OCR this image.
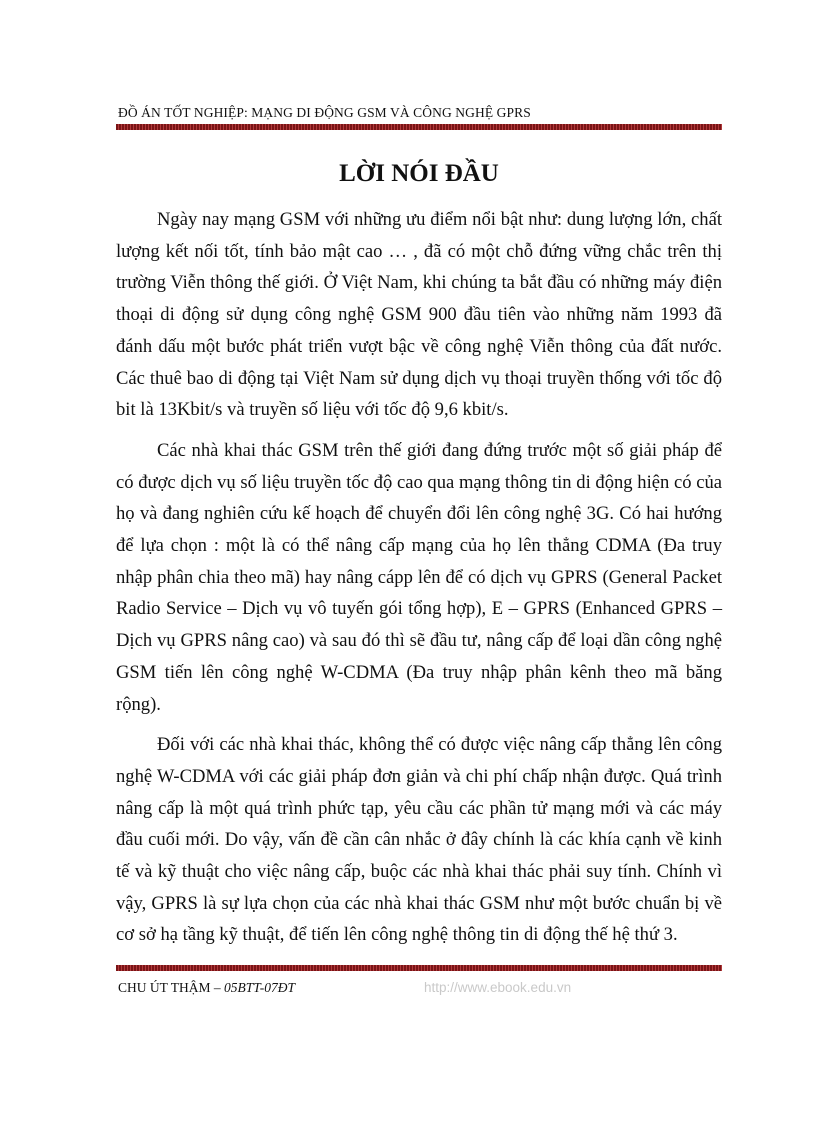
ĐỒ ÁN TỐT NGHIỆP: MẠNG DI ĐỘNG GSM VÀ CÔNG NGHỆ GPRS
LỜI NÓI ĐẦU

Ngày nay mạng GSM với những ưu điểm nổi bật như: dung lượng lớn, chất lượng kết nối tốt, tính bảo mật cao … , đã có một chỗ đứng vững chắc trên thị trường Viễn thông thế giới. Ở Việt Nam, khi chúng ta bắt đầu có những máy điện thoại di động sử dụng công nghệ GSM 900 đầu tiên vào những năm 1993 đã đánh dấu một bước phát triển vượt bậc về công nghệ Viễn thông của đất nước. Các thuê bao di động tại Việt Nam sử dụng dịch vụ thoại truyền thống với tốc độ bit là 13Kbit/s và truyền số liệu với tốc độ 9,6 kbit/s.

Các nhà khai thác GSM trên thế giới đang đứng trước một số giải pháp để có được dịch vụ số liệu truyền tốc độ cao qua mạng thông tin di động hiện có của họ và đang nghiên cứu kế hoạch để chuyển đổi lên công nghệ 3G. Có hai hướng để lựa chọn : một là có thể nâng cấp mạng của họ lên thẳng CDMA (Đa truy nhập phân chia theo mã) hay nâng cápp lên để có dịch vụ GPRS (General Packet Radio Service – Dịch vụ vô tuyến gói tổng hợp), E – GPRS (Enhanced GPRS – Dịch vụ GPRS nâng cao) và sau đó thì sẽ đầu tư, nâng cấp để loại dần công nghệ GSM tiến lên công nghệ W-CDMA (Đa truy nhập phân kênh theo mã băng rộng).

Đối với các nhà khai thác, không thể có được việc nâng cấp thẳng lên công nghệ W-CDMA với các giải pháp đơn giản và chi phí chấp nhận được. Quá trình nâng cấp là một quá trình phức tạp, yêu cầu các phần tử mạng mới và các máy đầu cuối mới. Do vậy, vấn đề cần cân nhắc ở đây chính là các khía cạnh về kinh tế và kỹ thuật cho việc nâng cấp, buộc các nhà khai thác phải suy tính. Chính vì vậy, GPRS là sự lựa chọn của các nhà khai thác GSM như một bước chuẩn bị về cơ sở hạ tầng kỹ thuật, để tiến lên công nghệ thông tin di động thế hệ thứ 3.

CHU ÚT THẬM – 05BTT-07ĐT	http://www.ebook.edu.vn
